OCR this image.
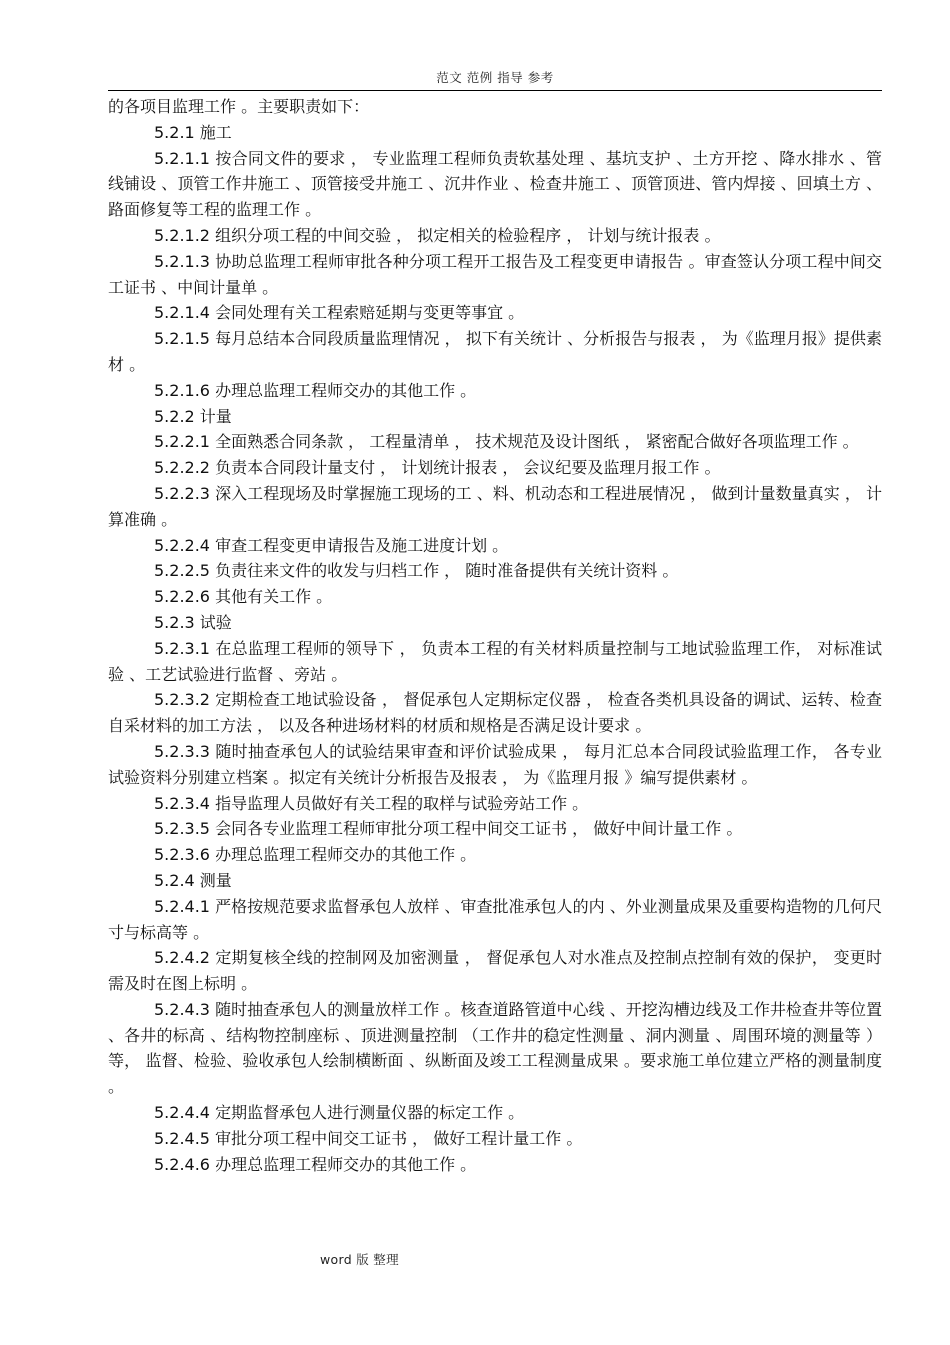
范文 范例 指导 参考

的各项目监理工作 。主要职责如下：

5.2.1 施工

5.2.1.1 按合同文件的要求 ， 专业监理工程师负责软基处理 、基坑支护 、土方开挖 、降水排水 、管线铺设 、顶管工作井施工 、顶管接受井施工 、沉井作业 、检查井施工 、顶管顶进、管内焊接 、回填土方 、路面修复等工程的监理工作 。

5.2.1.2 组织分项工程的中间交验 ， 拟定相关的检验程序 ， 计划与统计报表 。

5.2.1.3 协助总监理工程师审批各种分项工程开工报告及工程变更申请报告 。审查签认分项工程中间交工证书 、中间计量单 。

5.2.1.4 会同处理有关工程索赔延期与变更等事宜 。

5.2.1.5 每月总结本合同段质量监理情况 ， 拟下有关统计 、分析报告与报表 ， 为《监理月报》提供素材 。

5.2.1.6 办理总监理工程师交办的其他工作 。

5.2.2 计量

5.2.2.1 全面熟悉合同条款 ， 工程量清单 ， 技术规范及设计图纸 ， 紧密配合做好各项监理工作 。

5.2.2.2 负责本合同段计量支付 ， 计划统计报表 ， 会议纪要及监理月报工作 。

5.2.2.3 深入工程现场及时掌握施工现场的工 、料、机动态和工程进展情况 ， 做到计量数量真实 ， 计算准确 。

5.2.2.4 审查工程变更申请报告及施工进度计划 。

5.2.2.5 负责往来文件的收发与归档工作 ， 随时准备提供有关统计资料 。

5.2.2.6 其他有关工作 。

5.2.3 试验

5.2.3.1 在总监理工程师的领导下 ， 负责本工程的有关材料质量控制与工地试验监理工作， 对标准试验 、工艺试验进行监督 、旁站 。

5.2.3.2 定期检查工地试验设备 ， 督促承包人定期标定仪器 ， 检查各类机具设备的调试、运转、检查自采材料的加工方法 ， 以及各种进场材料的材质和规格是否满足设计要求 。

5.2.3.3 随时抽查承包人的试验结果审查和评价试验成果 ， 每月汇总本合同段试验监理工作， 各专业试验资料分别建立档案 。拟定有关统计分析报告及报表 ， 为《监理月报 》编写提供素材 。

5.2.3.4 指导监理人员做好有关工程的取样与试验旁站工作 。

5.2.3.5 会同各专业监理工程师审批分项工程中间交工证书 ， 做好中间计量工作 。

5.2.3.6 办理总监理工程师交办的其他工作 。

5.2.4 测量

5.2.4.1 严格按规范要求监督承包人放样 、审查批准承包人的内 、外业测量成果及重要构造物的几何尺寸与标高等 。

5.2.4.2 定期复核全线的控制网及加密测量 ， 督促承包人对水准点及控制点控制有效的保护， 变更时需及时在图上标明 。

5.2.4.3 随时抽查承包人的测量放样工作 。核查道路管道中心线 、开挖沟槽边线及工作井检查井等位置 、各井的标高 、结构物控制座标 、顶进测量控制 （工作井的稳定性测量 、洞内测量 、周围环境的测量等 ）等， 监督、检验、验收承包人绘制横断面 、纵断面及竣工工程测量成果 。要求施工单位建立严格的测量制度 。

5.2.4.4 定期监督承包人进行测量仪器的标定工作 。

5.2.4.5 审批分项工程中间交工证书 ， 做好工程计量工作 。

5.2.4.6 办理总监理工程师交办的其他工作 。

word 版 整理
